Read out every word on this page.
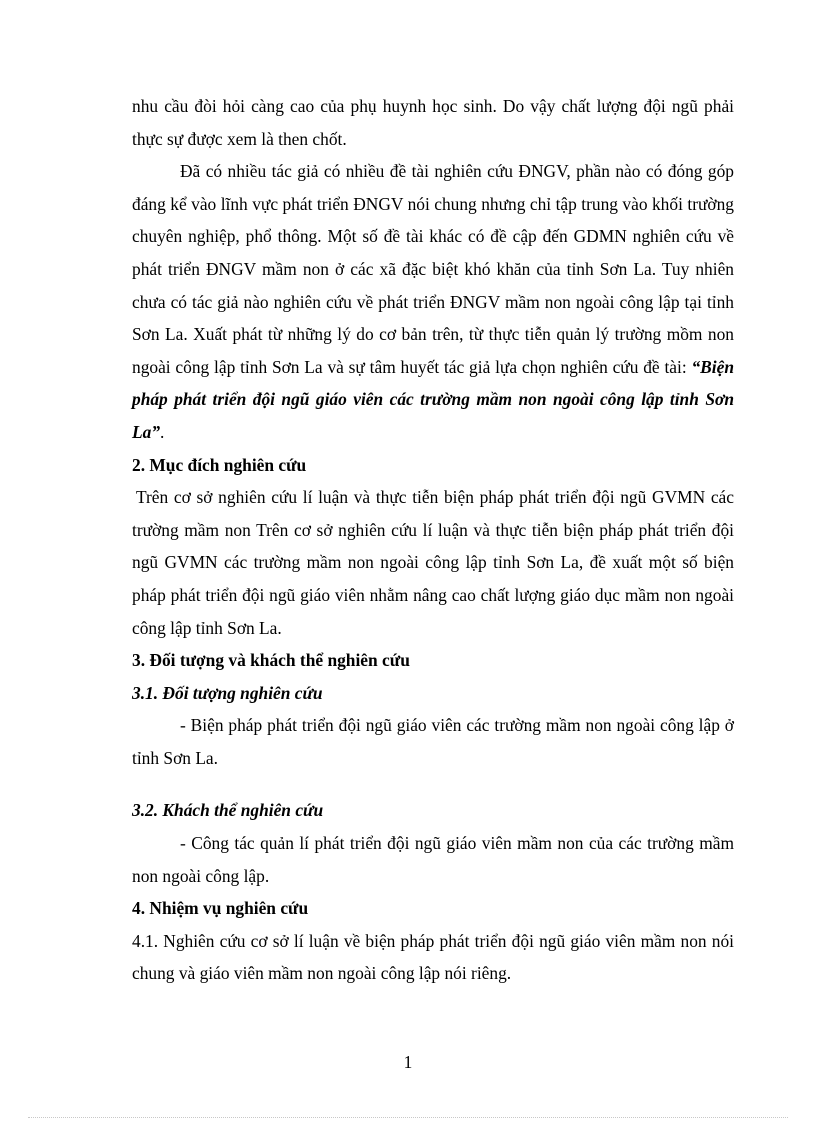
nhu cầu đòi hỏi càng cao của phụ huynh học sinh. Do vậy chất lượng đội ngũ phải thực sự được xem là then chốt.

Đã có nhiều tác giả có nhiều đề tài nghiên cứu ĐNGV, phần nào có đóng góp đáng kể vào lĩnh vực phát triển ĐNGV nói chung nhưng chỉ tập trung vào khối trường chuyên nghiệp, phổ thông. Một số đề tài khác có đề cập đến GDMN nghiên cứu về phát triển ĐNGV mầm non ở các xã đặc biệt khó khăn của tỉnh Sơn La. Tuy nhiên chưa có tác giả nào nghiên cứu về phát triển ĐNGV mầm non ngoài công lập tại tỉnh Sơn La. Xuất phát từ những lý do cơ bản trên, từ thực tiễn quản lý trường mồm non ngoài công lập tỉnh Sơn La và sự tâm huyết tác giả lựa chọn nghiên cứu đề tài: “Biện pháp phát triển đội ngũ giáo viên các trường mầm non ngoài công lập tỉnh Sơn La”.

2. Mục đích nghiên cứu

Trên cơ sở nghiên cứu lí luận và thực tiễn biện pháp phát triển đội ngũ GVMN các trường mầm non Trên cơ sở nghiên cứu lí luận và thực tiễn biện pháp phát triển đội ngũ GVMN các trường mầm non ngoài công lập tỉnh Sơn La, đề xuất một số biện pháp phát triển đội ngũ giáo viên nhằm nâng cao chất lượng giáo dục mầm non ngoài công lập tỉnh Sơn La.

3. Đối tượng và khách thể nghiên cứu

3.1. Đối tượng nghiên cứu

- Biện pháp phát triển đội ngũ giáo viên các trường mầm non ngoài công lập ở tỉnh Sơn La.

3.2. Khách thể nghiên cứu

- Công tác quản lí phát triển đội ngũ giáo viên mầm non của các trường mầm non ngoài công lập.

4. Nhiệm vụ nghiên cứu

4.1. Nghiên cứu cơ sở lí luận về biện pháp phát triển đội ngũ giáo viên mầm non nói chung và giáo viên mầm non ngoài công lập nói riêng.

1
